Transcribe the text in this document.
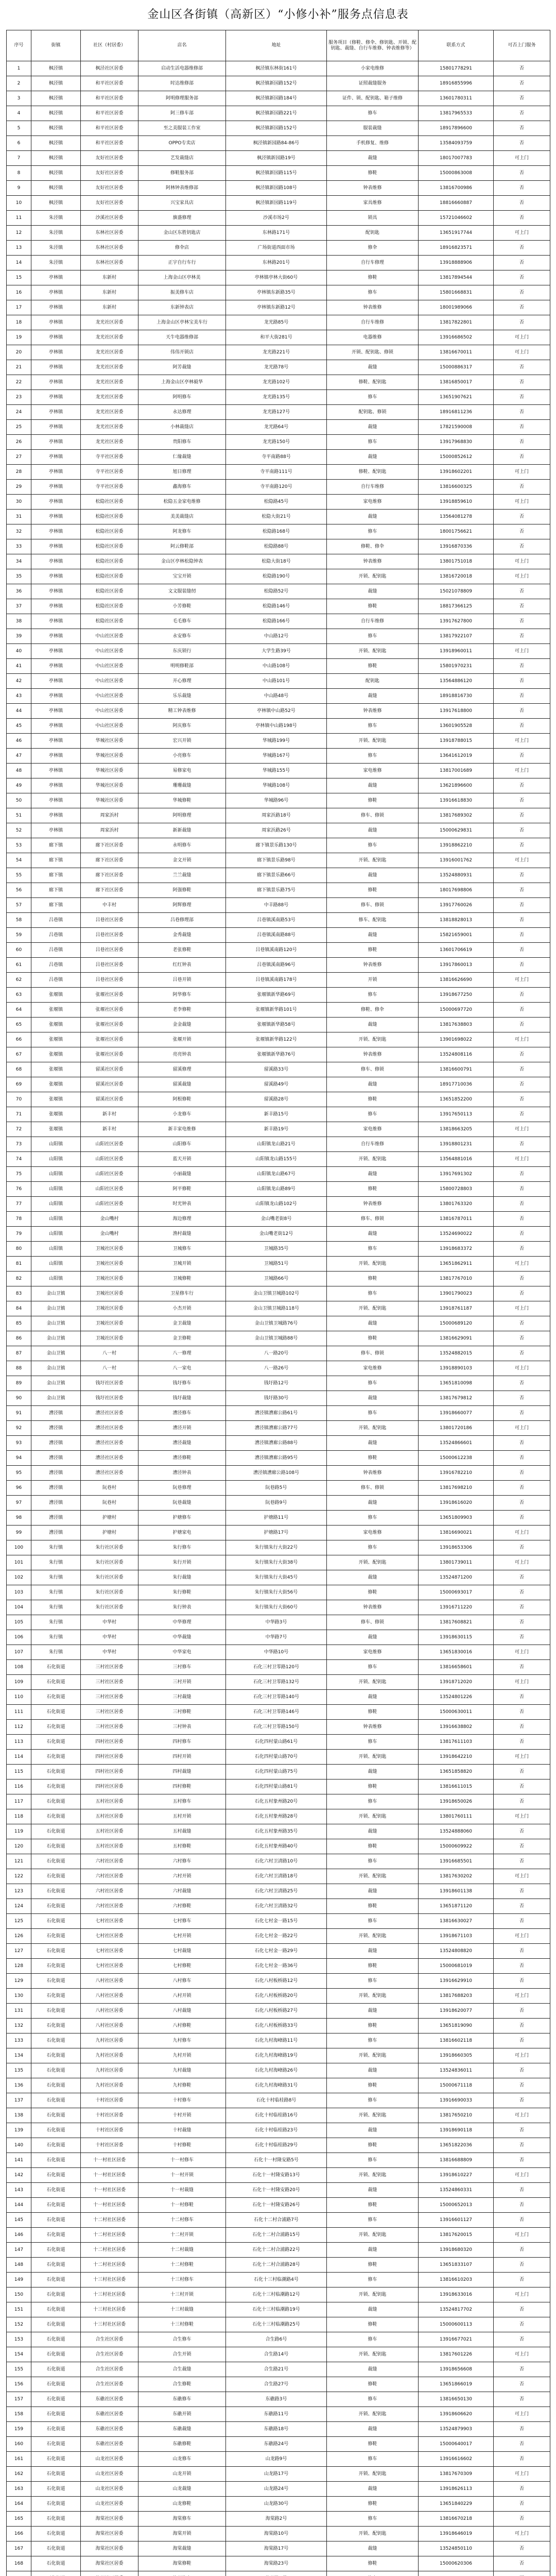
金山区各街镇（高新区）“小修小补”服务点信息表
序号	街镇	社区（村居委）	店名	地址	服务项目（修鞋、修伞、修钥匙、开锁、配钥匙、裁缝、自行车维修、钟表维修等）	联系方式	可否上门服务
1	枫泾镇	枫泾社区居委	启动生活电器维修部	枫泾镇东林街161号	小家电维修	15801778291	否
2	枫泾镇	和平社区居委	时达维修部	枫泾镇新园路152号	证照裁缝服务	18916855996	否
3	枫泾镇	和平社区居委	阿明修理服务部	枫泾镇新园路184号	证件、锁、配钥匙、箱子维修	13601780311	否
4	枫泾镇	和平社区居委	阿三修车部	枫泾镇新园路221号	修车	13817965533	否
5	枫泾镇	和平社区居委	至之美服装工作室	枫泾镇新园路152号	服装裁缝	18917896600	否
6	枫泾镇	和平社区居委	OPPO专卖店	枫泾镇新园路84-86号	手机修复、维修	13584093759	否
7	枫泾镇	友好社区居委	艺发裁缝店	枫泾镇新园路19号	裁缝	18017007783	可上门
8	枫泾镇	友好社区居委	修鞋服务部	枫泾镇新园路115号	修鞋	15000863008	否
9	枫泾镇	友好社区居委	阿林钟表维修部	枫泾镇新园路108号	钟表维修	13816700986	否
10	枫泾镇	友好社区居委	兴宝家具店	枫泾镇新园路119号	家具维修	18816660887	否
11	朱泾镇	沙溪社区居委	旗盛修理	沙溪市场2号	锁具	15721046602	否
12	朱泾镇	东林社区居委	金山区东胜钥匙店	东林路171号	配钥匙	13651917744	可上门
13	朱泾镇	东林社区居委	修伞店	广场街道西面市场	修伞	18916823571	否
14	朱泾镇	东林社区居委	正宇自行车行	东林路201号	自行车修理	13918888906	否
15	亭林镇	东新村	上海金山区亭林美	亭林镇亭林大街60号	修鞋	13817894544	否
16	亭林镇	东新村	振美修车店	亭林镇东新路35号	修车	15801668831	否
17	亭林镇	东新村	东新钟表店	亭林镇东新路12号	钟表维修	18001989066	否
18	亭林镇	龙光社区居委	上海金山区亭林宝美车行	龙光路85号	自行车维修	13817822801	否
19	亭林镇	龙光社区居委	天牛电器维修部	和平大街281号	电器维修	13916686502	可上门
20	亭林镇	龙光社区居委	伟伟开锁店	龙光路221号	开锁、配钥匙、修锁	13816670011	可上门
21	亭林镇	龙光社区居委	阿芳裁缝	龙光路78号	裁缝	15000886317	否
22	亭林镇	龙光社区居委	上海金山区亭林毅华	龙光路102号	修鞋、配钥匙	13816850017	否
23	亭林镇	龙光社区居委	阿明修车	龙光路135号	修车	13651907621	否
24	亭林镇	龙光社区居委	永达修理	龙光路127号	配钥匙、修锁	18916811236	否
25	亭林镇	龙光社区居委	小林裁缝店	龙光路64号	裁缝	17821590008	否
26	亭林镇	龙光社区居委	贵阳修车	龙光路150号	修车	13917968830	否
27	亭林镇	寺平社区居委	仁缘裁缝	寺平南路88号	裁缝	15000852612	否
28	亭林镇	寺平社区居委	旭日修理	寺平南路111号	修鞋、配钥匙	13918602201	可上门
29	亭林镇	寺平社区居委	鑫海修车	寺平南路120号	自行车维修	13816600325	否
30	亭林镇	松隐社区居委	松隐五金家电维修	松隐路45号	家电维修	13918859610	可上门
31	亭林镇	松隐社区居委	美美裁缝店	松隐大街21号	裁缝	13564081278	否
32	亭林镇	松隐社区居委	阿龙修车	松隐路168号	修车	18001756621	否
33	亭林镇	松隐社区居委	阿云修鞋部	松隐路88号	修鞋、修伞	13916870336	否
34	亭林镇	松隐社区居委	金山区亭林松隐钟表	松隐大街18号	钟表维修	13801751018	可上门
35	亭林镇	松隐社区居委	宝宝开锁	松隐路190号	开锁、配钥匙	13816720018	可上门
36	亭林镇	松隐社区居委	文文服装缝纫	松隐路52号	裁缝	15021078809	否
37	亭林镇	松隐社区居委	小芳修鞋	松隐路146号	修鞋	18817366125	否
38	亭林镇	松隐社区居委	毛毛修车	松隐路166号	自行车维修	13917627800	否
39	亭林镇	中山社区居委	永安修车	中山路12号	修车	13817922107	否
40	亭林镇	中山社区居委	东庆锁行	大学生路39号	开锁、配钥匙	13918960011	可上门
41	亭林镇	中山社区居委	明明修鞋部	中山路108号	修鞋	15801970231	否
42	亭林镇	中山社区居委	开心修理	中山路101号	配钥匙	13564886120	否
43	亭林镇	中山社区居委	乐乐裁缝	中山路48号	裁缝	18918816730	否
44	亭林镇	中山社区居委	精工钟表维修	亭林镇中山路52号	钟表维修	13917618800	否
45	亭林镇	中山社区居委	阿庆修车	亭林镇中山路198号	修车	13601905528	否
46	亭林镇	华城社区居委	宏兴开锁	华城路199号	开锁、配钥匙	13918788015	可上门
47	亭林镇	华城社区居委	小亮修车	华城路167号	修车	13641612019	否
48	亭林镇	华城社区居委	易修家电	华城路155号	家电维修	13817001689	可上门
49	亭林镇	华城社区居委	珊珊裁缝	华城路108号	裁缝	13621896600	否
50	亭林镇	华城社区居委	华城修鞋	华城路96号	修鞋	13916618830	否
51	亭林镇	周家浜村	阿明修理	周家浜路18号	修车、修锁	13817689302	否
52	亭林镇	周家浜村	新新裁缝	周家浜路26号	裁缝	15000629831	否
53	廊下镇	廊下社区居委	永明修车	廊下镇景乐路130号	修车	13918862210	否
54	廊下镇	廊下社区居委	金文开锁	廊下镇景乐路98号	开锁、配钥匙	13916001762	可上门
55	廊下镇	廊下社区居委	兰兰裁缝	廊下镇景乐路66号	裁缝	13524880931	否
56	廊下镇	廊下社区居委	阿强修鞋	廊下镇景乐路75号	修鞋	18017698806	否
57	廊下镇	中丰村	阿辉修理	中丰路88号	修车、修锁	13917760026	否
58	吕巷镇	吕巷社区居委	吕巷修理部	吕巷镇溪南路53号	修车、配钥匙	13818828013	否
59	吕巷镇	吕巷社区居委	金秀裁缝	吕巷镇溪南路88号	裁缝	15821659001	否
60	吕巷镇	吕巷社区居委	老张修鞋	吕巷镇溪南路120号	修鞋	13601706619	否
61	吕巷镇	吕巷社区居委	红红钟表	吕巷镇溪南路96号	钟表维修	13917860013	否
62	吕巷镇	吕巷社区居委	吕巷开锁	吕巷镇溪南路178号	开锁	13816626690	可上门
63	张堰镇	张堰社区居委	阿华修车	张堰镇新华路69号	修车	13918677250	否
64	张堰镇	张堰社区居委	老李修鞋	张堰镇新华路101号	修鞋、修伞	15000697720	否
65	张堰镇	张堰社区居委	金金裁缝	张堰镇新华路58号	裁缝	13817638803	否
66	张堰镇	张堰社区居委	张堰开锁	张堰镇新华路122号	开锁、配钥匙	13901698022	可上门
67	张堰镇	张堰社区居委	亮亮钟表	张堰镇新华路76号	钟表维修	13524808116	否
68	张堰镇	留溪社区居委	留溪修理	留溪路33号	修车、修锁	13816600791	否
69	张堰镇	留溪社区居委	留溪裁缝	留溪路49号	裁缝	18917710036	否
70	张堰镇	留溪社区居委	阿根修鞋	留溪路28号	修鞋	13651852200	否
71	张堰镇	新丰村	小龙修车	新丰路15号	修车	13917650113	否
72	张堰镇	新丰村	新丰家电维修	新丰路19号	家电维修	13818663205	可上门
73	山阳镇	山阳社区居委	山阳修车	山阳镇龙山路21号	自行车维修	13918801231	否
74	山阳镇	山阳社区居委	蓝天开锁	山阳镇龙山路155号	开锁、配钥匙	13564881016	可上门
75	山阳镇	山阳社区居委	小丽裁缝	山阳镇龙山路67号	裁缝	13917691302	否
76	山阳镇	山阳社区居委	阿平修鞋	山阳镇龙山路89号	修鞋	15800728803	否
77	山阳镇	山阳社区居委	时光钟表	山阳镇龙山路102号	钟表维修	13801763320	否
78	山阳镇	金山嘴村	海边修理	金山嘴老街8号	修车、修锁	13816787011	否
79	山阳镇	金山嘴村	渔村裁缝	金山嘴老街12号	裁缝	13524690022	否
80	山阳镇	卫城社区居委	卫城修车	卫城路35号	修车	13918683372	否
81	山阳镇	卫城社区居委	卫城开锁	卫城路51号	开锁、配钥匙	13651862911	可上门
82	山阳镇	卫城社区居委	卫城修鞋	卫城路66号	修鞋	13817767010	否
83	金山卫镇	卫城社区居委	卫星修车行	金山卫镇卫城路102号	修车	13901790023	否
84	金山卫镇	卫城社区居委	小杰开锁	金山卫镇卫城路118号	开锁、配钥匙	13918761187	可上门
85	金山卫镇	卫城社区居委	金卫裁缝	金山卫镇卫城路76号	裁缝	15000689120	否
86	金山卫镇	卫城社区居委	金卫修鞋	金山卫镇卫城路88号	修鞋	13816629091	否
87	金山卫镇	八一村	八一修理	八一路20号	修车、修锁	13524882015	否
88	金山卫镇	八一村	八一家电	八一路26号	家电维修	13918890103	可上门
89	金山卫镇	钱圩社区居委	钱圩修车	钱圩路12号	修车	13651810098	否
90	金山卫镇	钱圩社区居委	钱圩裁缝	钱圩路30号	裁缝	13817679812	否
91	漕泾镇	漕泾社区居委	漕泾修车	漕泾镇漕廊公路61号	修车	13918660077	否
92	漕泾镇	漕泾社区居委	漕泾开锁	漕泾镇漕廊公路77号	开锁、配钥匙	13801720186	可上门
93	漕泾镇	漕泾社区居委	漕泾裁缝	漕泾镇漕廊公路88号	裁缝	13524866601	否
94	漕泾镇	漕泾社区居委	漕泾修鞋	漕泾镇漕廊公路95号	修鞋	15000612238	否
95	漕泾镇	漕泾社区居委	漕泾钟表	漕泾镇漕廊公路108号	钟表维修	13916782210	否
96	漕泾镇	阮巷村	阮巷修理	阮巷路5号	修车、修锁	13817698210	否
97	漕泾镇	阮巷村	阮巷裁缝	阮巷路9号	裁缝	13918616020	否
98	漕泾镇	护塘村	护塘修车	护塘路11号	修车	13651809903	否
99	漕泾镇	护塘村	护塘家电	护塘路17号	家电维修	13816690021	可上门
100	朱行镇	朱行社区居委	朱行修车	朱行镇朱行大街22号	修车	13918653306	否
101	朱行镇	朱行社区居委	朱行开锁	朱行镇朱行大街38号	开锁、配钥匙	13801739011	可上门
102	朱行镇	朱行社区居委	朱行裁缝	朱行镇朱行大街45号	裁缝	13524871200	否
103	朱行镇	朱行社区居委	朱行修鞋	朱行镇朱行大街56号	修鞋	15000693017	否
104	朱行镇	朱行社区居委	朱行钟表	朱行镇朱行大街60号	钟表维修	13916711220	否
105	朱行镇	中华村	中华修理	中华路3号	修车、修锁	13817608821	否
106	朱行镇	中华村	中华裁缝	中华路7号	裁缝	13918630115	否
107	朱行镇	中华村	中华家电	中华路10号	家电维修	13651830016	可上门
108	石化街道	三村社区居委	三村修车	石化三村卫零路120号	修车	13816658601	否
109	石化街道	三村社区居委	三村开锁	石化三村卫零路132号	开锁、配钥匙	13918712020	可上门
110	石化街道	三村社区居委	三村裁缝	石化三村卫零路140号	裁缝	13524801226	否
111	石化街道	三村社区居委	三村修鞋	石化三村卫零路146号	修鞋	15000630011	否
112	石化街道	三村社区居委	三村钟表	石化三村卫零路150号	钟表维修	13916638802	否
113	石化街道	四村社区居委	四村修车	石化四村蒙山路61号	修车	13817611103	否
114	石化街道	四村社区居委	四村开锁	石化四村蒙山路70号	开锁、配钥匙	13918642210	可上门
115	石化街道	四村社区居委	四村裁缝	石化四村蒙山路75号	裁缝	13651858820	否
116	石化街道	四村社区居委	四村修鞋	石化四村蒙山路81号	修鞋	13816611015	否
117	石化街道	五村社区居委	五村修车	石化五村象州路20号	修车	13918650026	否
118	石化街道	五村社区居委	五村开锁	石化五村象州路28号	开锁、配钥匙	13801760111	可上门
119	石化街道	五村社区居委	五村裁缝	石化五村象州路35号	裁缝	13524888060	否
120	石化街道	五村社区居委	五村修鞋	石化五村象州路40号	修鞋	15000609922	否
121	石化街道	六村社区居委	六村修车	石化六村卫清路10号	修车	13916685501	否
122	石化街道	六村社区居委	六村开锁	石化六村卫清路18号	开锁、配钥匙	13817630202	可上门
123	石化街道	六村社区居委	六村裁缝	石化六村卫清路25号	裁缝	13918601138	否
124	石化街道	六村社区居委	六村修鞋	石化六村卫清路32号	修鞋	13651871120	否
125	石化街道	七村社区居委	七村修车	石化七村金一路15号	修车	13816630027	否
126	石化街道	七村社区居委	七村开锁	石化七村金一路22号	开锁、配钥匙	13918671103	可上门
127	石化街道	七村社区居委	七村裁缝	石化七村金一路29号	裁缝	13524808820	否
128	石化街道	七村社区居委	七村修鞋	石化七村金一路36号	修鞋	15000681019	否
129	石化街道	八村社区居委	八村修车	石化八村板桥路12号	修车	13916629910	否
130	石化街道	八村社区居委	八村开锁	石化八村板桥路20号	开锁、配钥匙	13817688203	可上门
131	石化街道	八村社区居委	八村裁缝	石化八村板桥路27号	裁缝	13918620077	否
132	石化街道	八村社区居委	八村修鞋	石化八村板桥路33号	修鞋	13651819090	否
133	石化街道	九村社区居委	九村修车	石化九村海峰路11号	修车	13816602118	否
134	石化街道	九村社区居委	九村开锁	石化九村海峰路19号	开锁、配钥匙	13918660305	可上门
135	石化街道	九村社区居委	九村裁缝	石化九村海峰路26号	裁缝	13524836011	否
136	石化街道	九村社区居委	九村修鞋	石化九村海峰路31号	修鞋	15000671118	否
137	石化街道	十村社区居委	十村修车	石化十村临桂路8号	修车	13916690033	否
138	石化街道	十村社区居委	十村开锁	石化十村临桂路16号	开锁、配钥匙	13817650210	可上门
139	石化街道	十村社区居委	十村裁缝	石化十村临桂路23号	裁缝	13918690118	否
140	石化街道	十村社区居委	十村修鞋	石化十村临桂路29号	修鞋	13651822036	否
141	石化街道	十一村社区居委	十一村修车	石化十一村隆安路5号	修车	13816688809	否
142	石化街道	十一村社区居委	十一村开锁	石化十一村隆安路13号	开锁、配钥匙	13918610227	可上门
143	石化街道	十一村社区居委	十一村裁缝	石化十一村隆安路20号	裁缝	13524860331	否
144	石化街道	十一村社区居委	十一村修鞋	石化十一村隆安路26号	修鞋	15000652013	否
145	石化街道	十二村社区居委	十二村修车	石化十二村合浦路7号	修车	13916601127	否
146	石化街道	十二村社区居委	十二村开锁	石化十二村合浦路15号	开锁、配钥匙	13817620015	可上门
147	石化街道	十二村社区居委	十二村裁缝	石化十二村合浦路22号	裁缝	13918680320	否
148	石化街道	十二村社区居委	十二村修鞋	石化十二村合浦路28号	修鞋	13651833107	否
149	石化街道	十三村社区居委	十三村修车	石化十三村临潮路4号	修车	13816610203	否
150	石化街道	十三村社区居委	十三村开锁	石化十三村临潮路12号	开锁、配钥匙	13918633016	可上门
151	石化街道	十三村社区居委	十三村裁缝	石化十三村临潮路19号	裁缝	13524817702	否
152	石化街道	十三村社区居委	十三村修鞋	石化十三村临潮路25号	修鞋	15000600113	否
153	石化街道	合生社区居委	合生修车	合生路6号	修车	13916677021	否
154	石化街道	合生社区居委	合生开锁	合生路14号	开锁、配钥匙	13817601226	可上门
155	石化街道	合生社区居委	合生裁缝	合生路21号	裁缝	13918656608	否
156	石化街道	合生社区居委	合生修鞋	合生路27号	修鞋	13651866019	否
157	石化街道	东礁社区居委	东礁修车	东礁路3号	修车	13816650130	否
158	石化街道	东礁社区居委	东礁开锁	东礁路11号	开锁、配钥匙	13918606620	可上门
159	石化街道	东礁社区居委	东礁裁缝	东礁路18号	裁缝	13524879903	否
160	石化街道	东礁社区居委	东礁修鞋	东礁路24号	修鞋	15000640017	否
161	石化街道	山龙社区居委	山龙修车	山龙路9号	修车	13916616602	否
162	石化街道	山龙社区居委	山龙开锁	山龙路17号	开锁、配钥匙	13817670309	可上门
163	石化街道	山龙社区居委	山龙裁缝	山龙路24号	裁缝	13918626113	否
164	石化街道	山龙社区居委	山龙修鞋	山龙路30号	修鞋	13651840229	否
165	石化街道	海棠社区居委	海棠修车	海棠路2号	修车	13816670218	否
166	石化街道	海棠社区居委	海棠开锁	海棠路10号	开锁、配钥匙	13918646019	可上门
167	石化街道	海棠社区居委	海棠裁缝	海棠路17号	裁缝	13524850110	否
168	石化街道	海棠社区居委	海棠修鞋	海棠路23号	修鞋	15000620306	否
